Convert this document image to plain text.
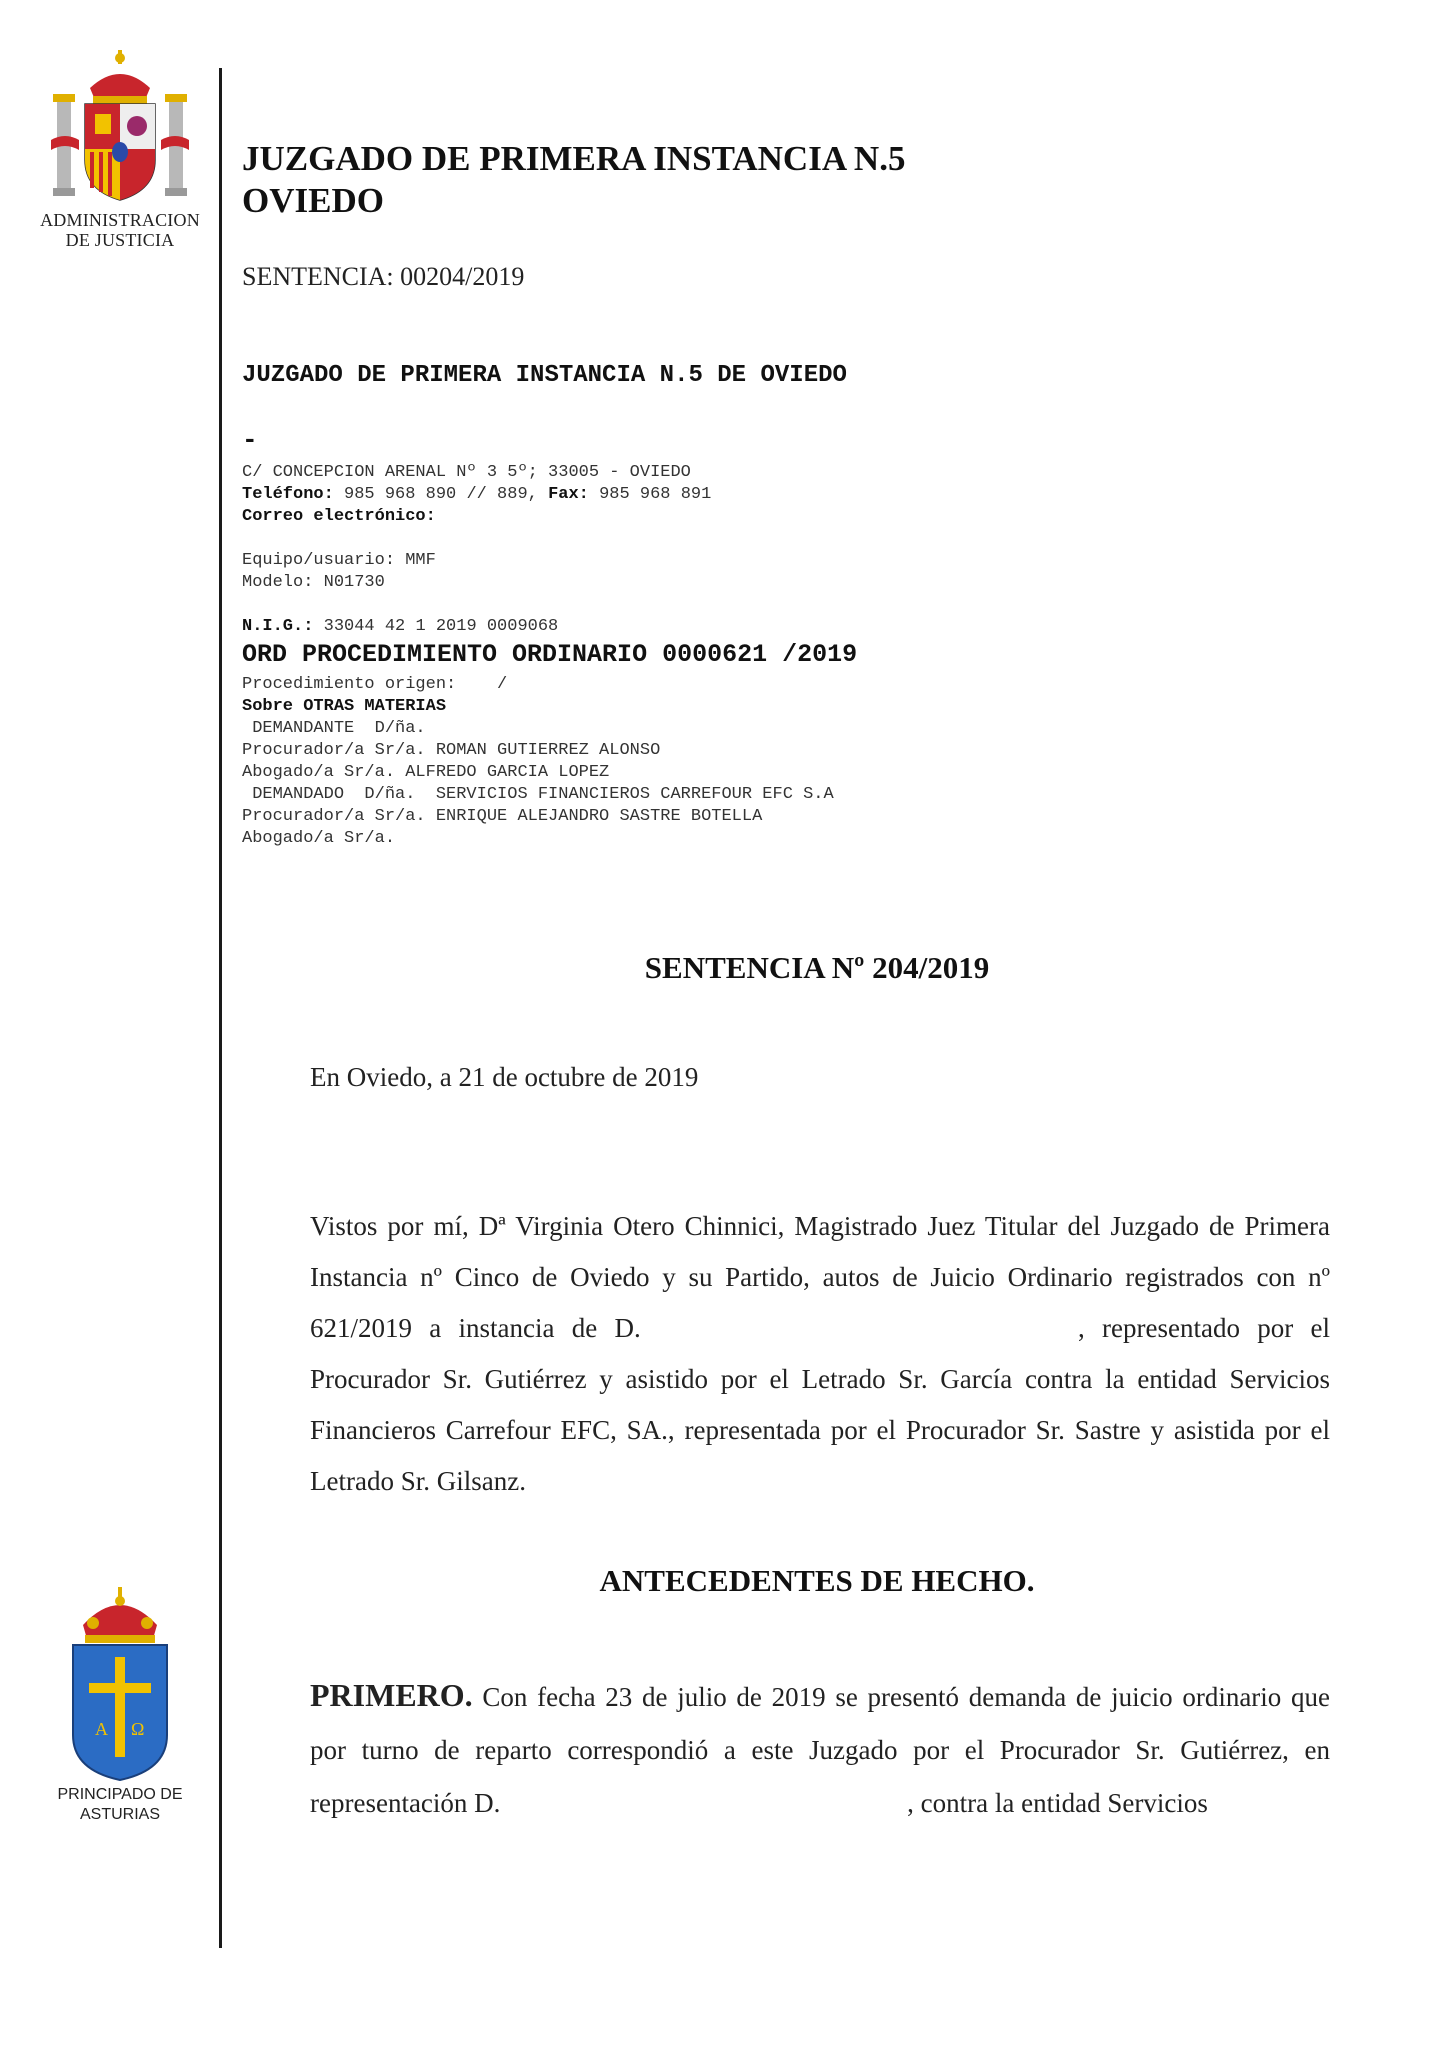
ADMINISTRACION
DE JUSTICIA
JUZGADO DE PRIMERA INSTANCIA N.5
OVIEDO
SENTENCIA: 00204/2019
JUZGADO DE PRIMERA INSTANCIA N.5 DE OVIEDO
-
C/ CONCEPCION ARENAL Nº 3 5º; 33005 - OVIEDO
Teléfono: 985 968 890 // 889, Fax: 985 968 891
Correo electrónico:
Equipo/usuario: MMF
Modelo: N01730
N.I.G.: 33044 42 1 2019 0009068
ORD PROCEDIMIENTO ORDINARIO 0000621 /2019
Procedimiento origen:    /
Sobre OTRAS MATERIAS
DEMANDANTE  D/ña.
Procurador/a Sr/a. ROMAN GUTIERREZ ALONSO
Abogado/a Sr/a. ALFREDO GARCIA LOPEZ
DEMANDADO  D/ña.  SERVICIOS FINANCIEROS CARREFOUR EFC S.A
Procurador/a Sr/a. ENRIQUE ALEJANDRO SASTRE BOTELLA
Abogado/a Sr/a.
SENTENCIA Nº 204/2019
En Oviedo, a 21 de octubre de 2019
Vistos por mí, Dª Virginia Otero Chinnici, Magistrado Juez Titular del Juzgado de Primera Instancia nº Cinco de Oviedo y su Partido, autos de Juicio Ordinario registrados con nº 621/2019 a instancia de D.	, representado por el Procurador Sr. Gutiérrez y asistido por el Letrado Sr. García contra la entidad Servicios Financieros Carrefour EFC, SA., representada por el Procurador Sr. Sastre y asistida por el Letrado Sr. Gilsanz.
ANTECEDENTES DE HECHO.
PRIMERO. Con fecha 23 de julio de 2019 se presentó demanda de juicio ordinario que por turno de reparto correspondió a este Juzgado por el Procurador Sr. Gutiérrez, en representación D.	, contra la entidad Servicios
A Ω
PRINCIPADO DE
ASTURIAS
